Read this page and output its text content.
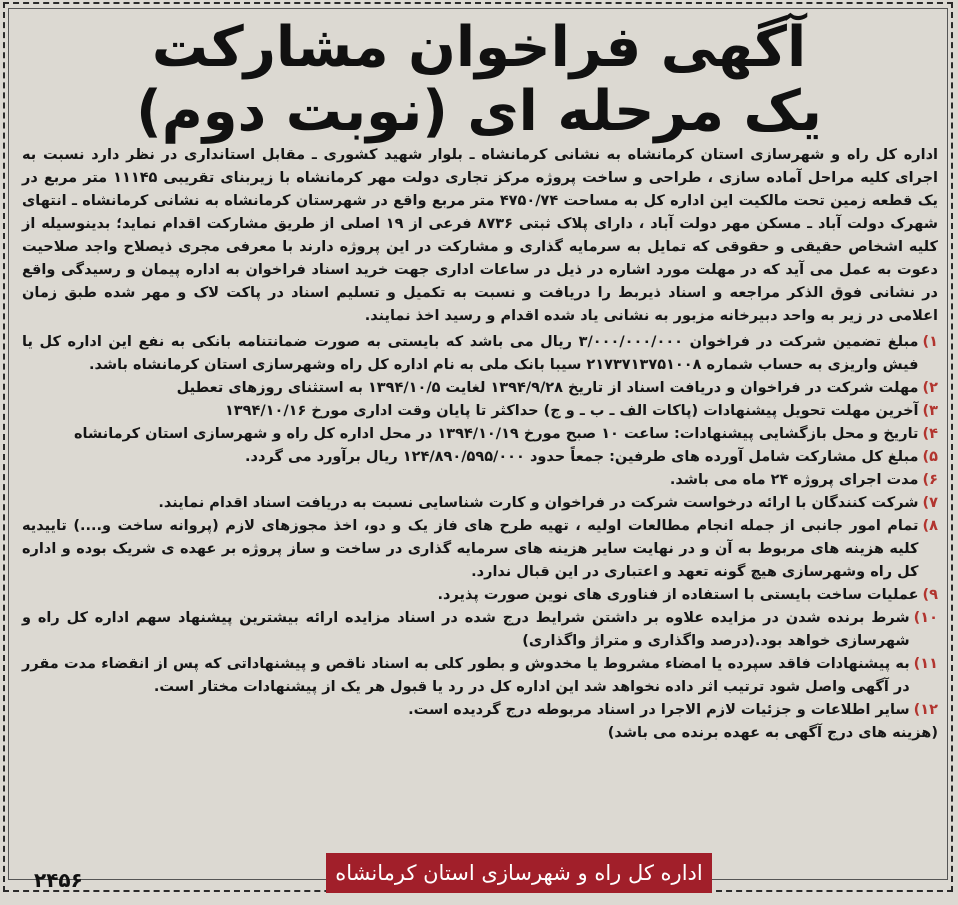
آگهی فراخوان مشارکت
یک مرحله ای (نوبت دوم)

اداره کل راه و شهرسازی استان کرمانشاه به نشانی کرمانشاه ـ بلوار شهید کشوری ـ مقابل استانداری در نظر دارد نسبت به اجرای کلیه مراحل آماده سازی ، طراحی و ساخت پروژه مرکز تجاری دولت مهر کرمانشاه با زیربنای تقریبی ۱۱۱۴۵ متر مربع در یک قطعه زمین تحت مالکیت این اداره کل به مساحت ۴۷۵۰/۷۴ متر مربع واقع در شهرستان کرمانشاه به نشانی کرمانشاه ـ انتهای شهرک دولت آباد ـ مسکن مهر دولت آباد ، دارای پلاک ثبتی ۸۷۳۶ فرعی از ۱۹ اصلی از طریق مشارکت اقدام نماید؛ بدینوسیله از کلیه اشخاص حقیقی و حقوقی که تمایل به سرمایه گذاری و مشارکت در این پروژه دارند با معرفی مجری ذیصلاح واجد صلاحیت دعوت به عمل می آید که در مهلت مورد اشاره در ذیل در ساعات اداری جهت خرید اسناد فراخوان به اداره پیمان و رسیدگی واقع در نشانی فوق الذکر مراجعه و اسناد ذیربط را دریافت و نسبت به تکمیل و تسلیم اسناد در پاکت لاک و مهر شده طبق زمان اعلامی در زیر به واحد دبیرخانه مزبور به نشانی یاد شده اقدام و رسید اخذ نمایند.

۱)
مبلغ تضمین شرکت در فراخوان ۳/۰۰۰/۰۰۰/۰۰۰ ریال می باشد که بایستی به صورت ضمانتنامه بانکی به نفع این اداره کل یا فیش واریزی به حساب شماره ۲۱۷۳۷۱۳۷۵۱۰۰۸ سیبا بانک ملی به نام اداره کل راه وشهرسازی استان کرمانشاه باشد.
۲)
مهلت شرکت در فراخوان و دریافت اسناد از تاریخ ۱۳۹۴/۹/۲۸ لغایت ۱۳۹۴/۱۰/۵ به استثنای روزهای تعطیل
۳)
آخرین مهلت تحویل پیشنهادات (پاکات الف ـ ب ـ و ج) حداکثر تا پایان وقت اداری مورخ ۱۳۹۴/۱۰/۱۶
۴)
تاریخ و محل بازگشایی پیشنهادات: ساعت ۱۰ صبح مورخ ۱۳۹۴/۱۰/۱۹ در محل اداره کل راه و شهرسازی استان کرمانشاه
۵)
مبلغ کل مشارکت شامل آورده های طرفین: جمعاً حدود ۱۲۴/۸۹۰/۵۹۵/۰۰۰ ریال برآورد می گردد.
۶)
مدت اجرای پروژه ۲۴ ماه می باشد.
۷)
شرکت کنندگان با ارائه درخواست شرکت در فراخوان و کارت شناسایی نسبت به دریافت اسناد اقدام نمایند.
۸)
تمام امور جانبی از جمله انجام مطالعات اولیه ، تهیه طرح های فاز یک و دو، اخذ مجوزهای لازم (پروانه ساخت و....) تاییدیه کلیه هزینه های مربوط به آن و در نهایت سایر هزینه های سرمایه گذاری در ساخت و ساز پروژه بر عهده ی شریک بوده و اداره کل راه وشهرسازی هیچ گونه تعهد و اعتباری در این قبال ندارد.
۹)
عملیات ساخت بایستی با استفاده از فناوری های نوین صورت پذیرد.
۱۰)
شرط برنده شدن در مزایده علاوه بر داشتن شرایط درج شده در اسناد مزایده ارائه بیشترین پیشنهاد سهم اداره کل راه و شهرسازی خواهد بود.(درصد واگذاری و متراژ واگذاری)
۱۱)
به پیشنهادات فاقد سپرده یا امضاء مشروط یا مخدوش و بطور کلی به اسناد ناقص و پیشنهاداتی که پس از انقضاء مدت مقرر در آگهی واصل شود ترتیب اثر داده نخواهد شد این اداره کل در رد یا قبول هر یک از پیشنهادات مختار است.
۱۲)
سایر اطلاعات و جزئیات لازم الاجرا در اسناد مربوطه درج گردیده است.

(هزینه های درج آگهی به عهده برنده می باشد)

اداره کل راه و شهرسازی استان کرمانشاه
۲۴۵۶
